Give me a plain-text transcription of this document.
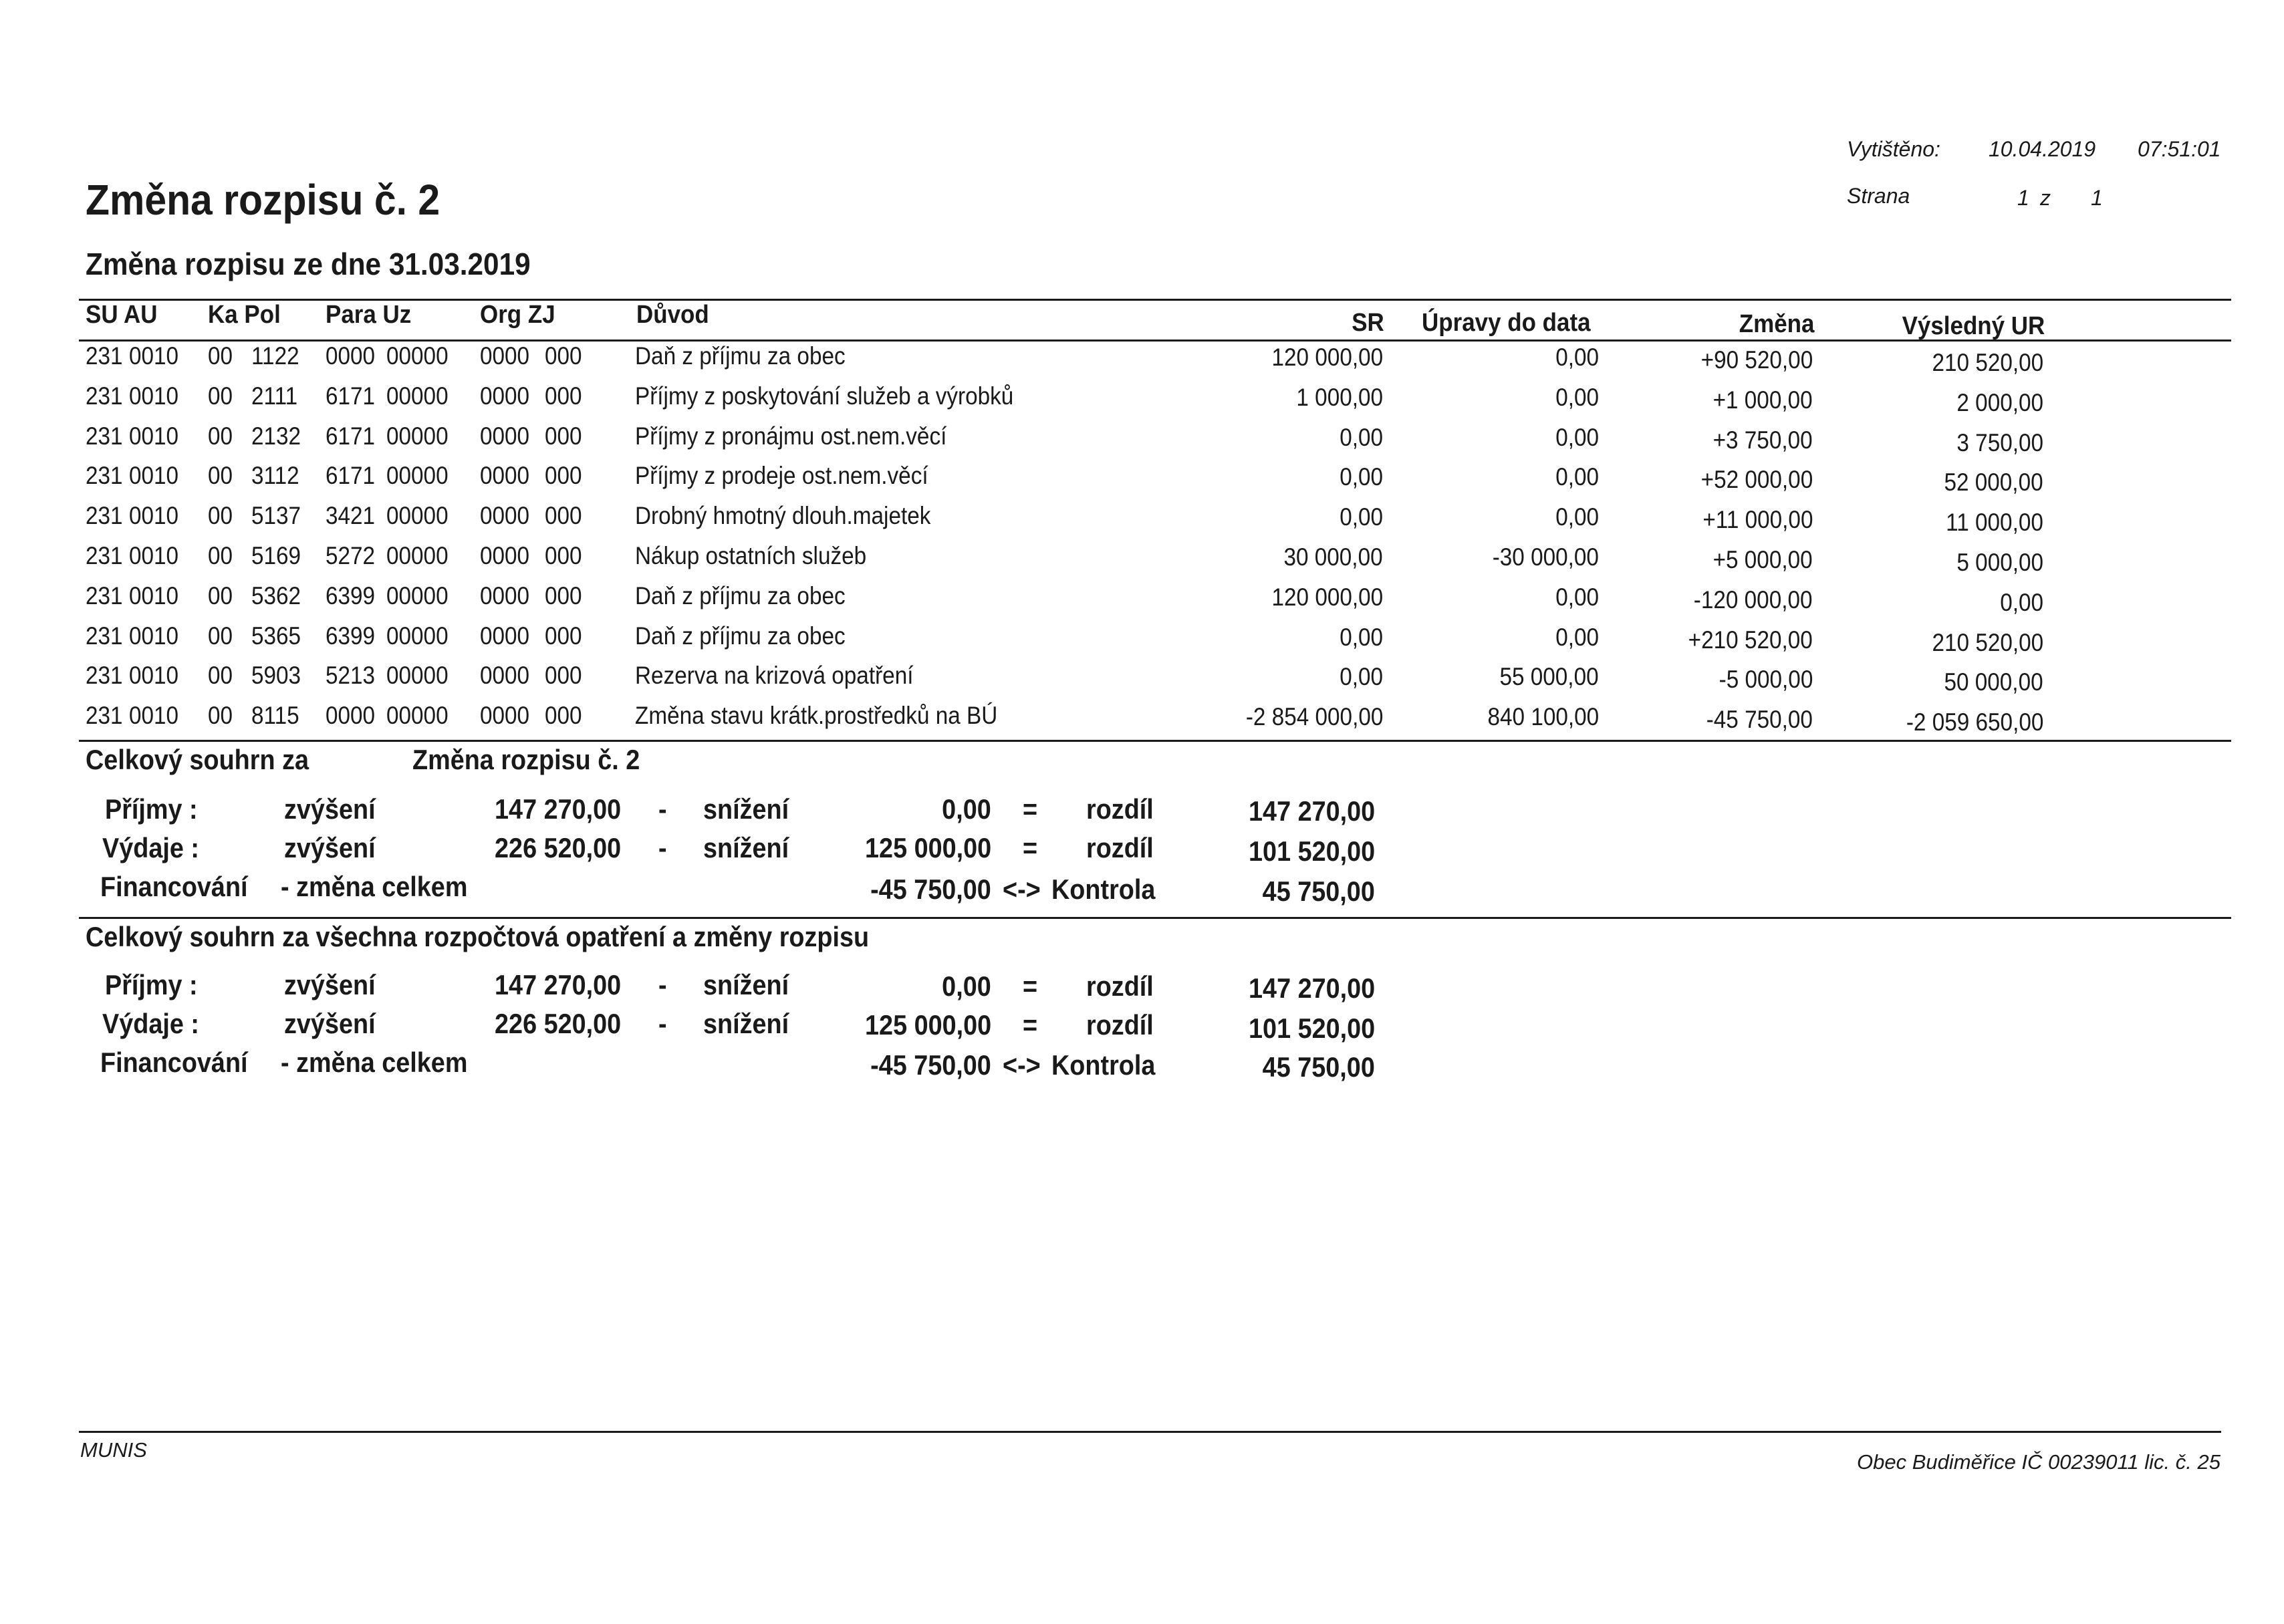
Vytištěno: 10.04.2019 07:51:01
Strana	1 z 1
Změna rozpisu č. 2
Změna rozpisu ze dne 31.03.2019
SU AU Ka Pol Para Uz	Org ZJ	Důvod	SR Úpravy do data	Změna	Výsledný UR
231 0010 00 1122 0000 00000 0000 000 Daň z příjmu za obec	120 000,00	0,00	+90 520,00	210 520,00
231 0010 00 2111 6171 00000 0000 000 Příjmy z poskytování služeb a výrobků	1 000,00	0,00	+1 000,00	2 000,00
231 0010 00 2132 6171 00000 0000 000 Příjmy z pronájmu ost.nem.věcí	0,00	0,00	+3 750,00	3 750,00
231 0010 00 3112 6171 00000 0000 000 Příjmy z prodeje ost.nem.věcí	0,00	0,00	+52 000,00	52 000,00
231 0010 00 5137 3421 00000 0000 000 Drobný hmotný dlouh.majetek	0,00	0,00	+11 000,00	11 000,00
231 0010 00 5169 5272 00000 0000 000 Nákup ostatních služeb	30 000,00	-30 000,00	+5 000,00	5 000,00
231 0010 00 5362 6399 00000 0000 000 Daň z příjmu za obec	120 000,00	0,00	-120 000,00	0,00
231 0010 00 5365 6399 00000 0000 000 Daň z příjmu za obec	0,00	0,00	+210 520,00	210 520,00
231 0010 00 5903 5213 00000 0000 000 Rezerva na krizová opatření	0,00	55 000,00	-5 000,00	50 000,00
231 0010 00 8115 0000 00000 0000 000 Změna stavu krátk.prostředků na BÚ	-2 854 000,00	840 100,00	-45 750,00	-2 059 650,00
Celkový souhrn za	Změna rozpisu č. 2
Příjmy :	zvýšení	147 270,00 - snížení	0,00 = rozdíl	147 270,00
Výdaje :	zvýšení	226 520,00 - snížení	125 000,00 = rozdíl	101 520,00
Financování - změna celkem	-45 750,00 <-> Kontrola	45 750,00
Celkový souhrn za všechna rozpočtová opatření a změny rozpisu
Příjmy :	zvýšení	147 270,00 - snížení	0,00 = rozdíl	147 270,00
Výdaje :	zvýšení	226 520,00 - snížení	125 000,00 = rozdíl	101 520,00
Financování - změna celkem	-45 750,00 <-> Kontrola	45 750,00
MUNIS
Obec Budiměřice IČ 00239011 lic. č. 25
